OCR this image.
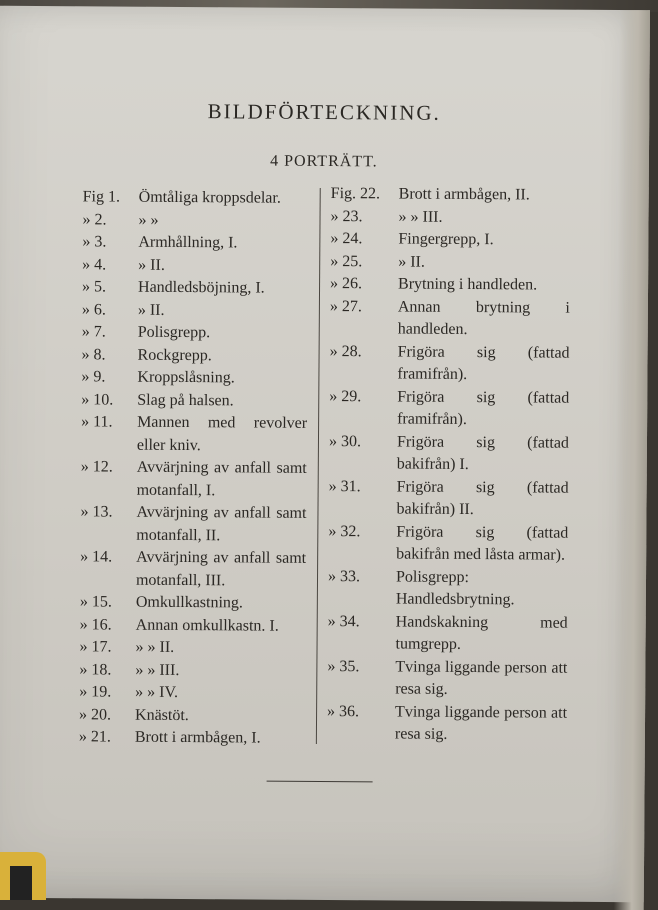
BILDFÖRTECKNING.
4 PORTRÄTT.
Fig 1.	Ömtåliga kroppsdelar.
» 2.	» »
» 3.	Armhållning, I.
» 4.	» II.
» 5.	Handledsböjning, I.
» 6.	» II.
» 7.	Polisgrepp.
» 8.	Rockgrepp.
» 9.	Kroppslåsning.
» 10.	Slag på halsen.
» 11.	Mannen med revolver eller kniv.
» 12.	Avvärjning av anfall samt motanfall, I.
» 13.	Avvärjning av anfall samt motanfall, II.
» 14.	Avvärjning av anfall samt motanfall, III.
» 15.	Omkullkastning.
» 16.	Annan omkullkastn. I.
» 17.	» » II.
» 18.	» » III.
» 19.	» » IV.
» 20.	Knästöt.
» 21.	Brott i armbågen, I.
Fig. 22.	Brott i armbågen, II.
» 23.	» » III.
» 24.	Fingergrepp, I.
» 25.	» II.
» 26.	Brytning i handleden.
» 27.	Annan brytning i handleden.
» 28.	Frigöra sig (fattad framifrån).
» 29.	Frigöra sig (fattad framifrån).
» 30.	Frigöra sig (fattad bakifrån) I.
» 31.	Frigöra sig (fattad bakifrån) II.
» 32.	Frigöra sig (fattad bakifrån med låsta armar).
» 33.	Polisgrepp: Handledsbrytning.
» 34.	Handskakning med tumgrepp.
» 35.	Tvinga liggande person att resa sig.
» 36.	Tvinga liggande person att resa sig.
